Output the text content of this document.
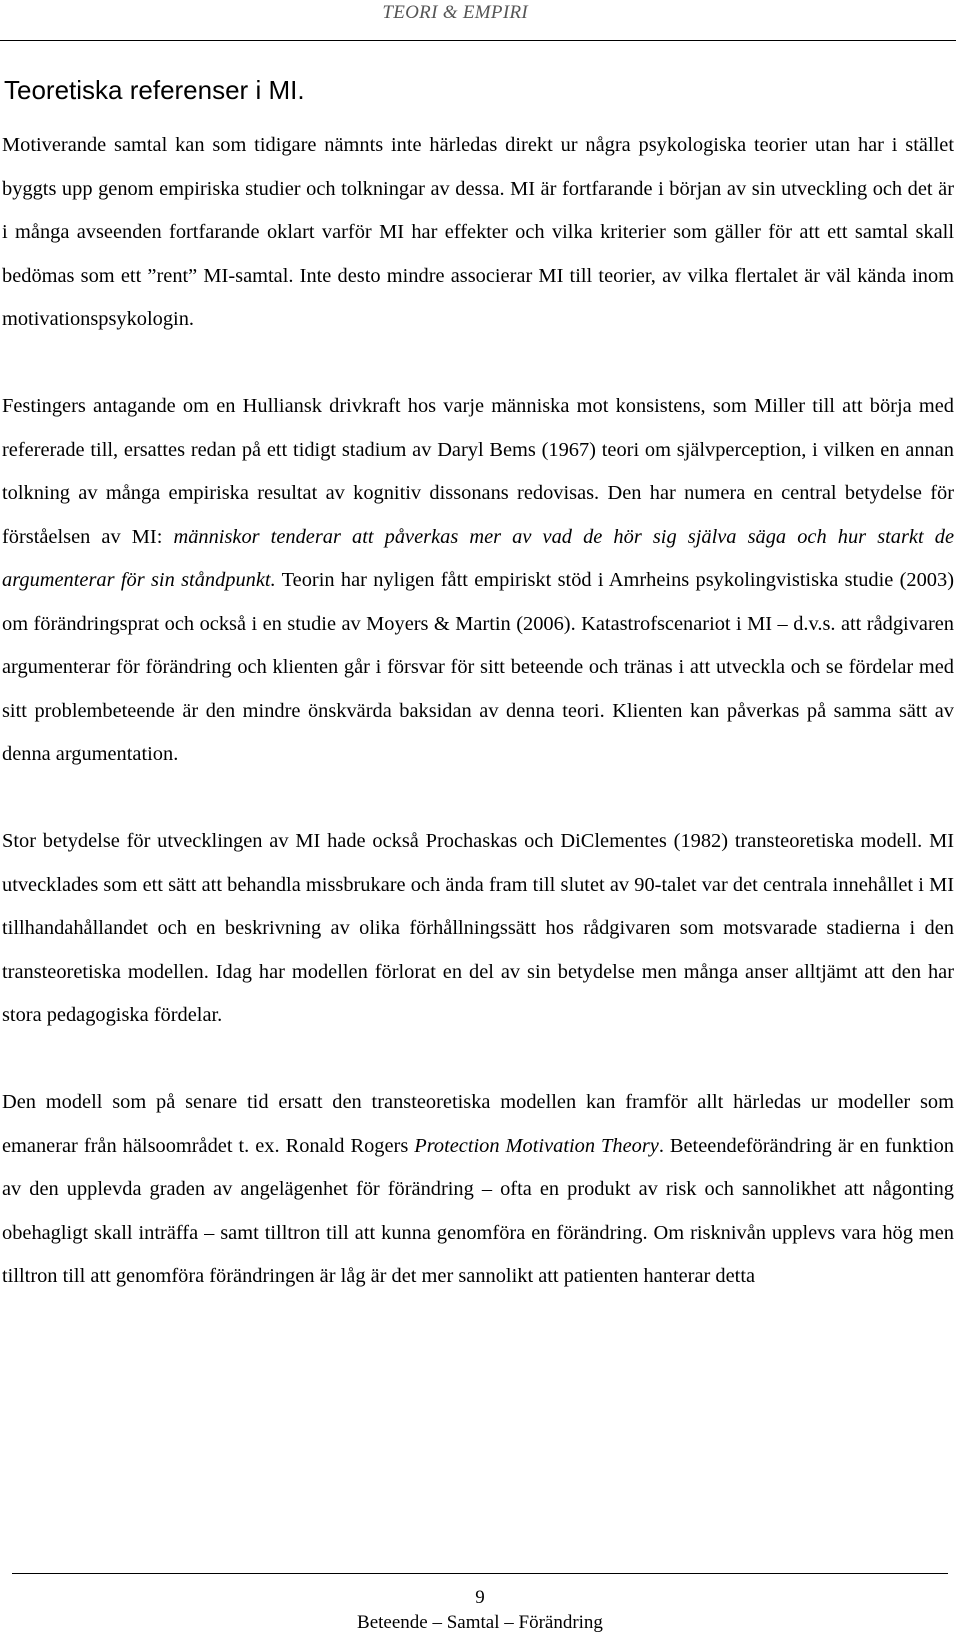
TEORI & EMPIRI
Teoretiska referenser i MI.

Motiverande samtal kan som tidigare nämnts inte härledas direkt ur några psykologiska teorier utan har i stället byggts upp genom empiriska studier och tolkningar av dessa. MI är fortfarande i början av sin utveckling och det är i många avseenden fortfarande oklart varför MI har effekter och vilka kriterier som gäller för att ett samtal skall bedömas som ett ”rent” MI-samtal. Inte desto mindre associerar MI till teorier, av vilka flertalet är väl kända inom motivationspsykologin.

Festingers antagande om en Hulliansk drivkraft hos varje människa mot konsistens, som Miller till att börja med refererade till, ersattes redan på ett tidigt stadium av Daryl Bems (1967) teori om självperception, i vilken en annan tolkning av många empiriska resultat av kognitiv dissonans redovisas. Den har numera en central betydelse för förståelsen av MI: människor tenderar att påverkas mer av vad de hör sig själva säga och hur starkt de argumenterar för sin ståndpunkt. Teorin har nyligen fått empiriskt stöd i Amrheins psykolingvistiska studie (2003) om förändringsprat och också i en studie av Moyers & Martin (2006). Katastrofscenariot i MI – d.v.s. att rådgivaren argumenterar för förändring och klienten går i försvar för sitt beteende och tränas i att utveckla och se fördelar med sitt problembeteende är den mindre önskvärda baksidan av denna teori. Klienten kan påverkas på samma sätt av denna argumentation.

Stor betydelse för utvecklingen av MI hade också Prochaskas och DiClementes (1982) transteoretiska modell. MI utvecklades som ett sätt att behandla missbrukare och ända fram till slutet av 90-talet var det centrala innehållet i MI tillhandahållandet och en beskrivning av olika förhållningssätt hos rådgivaren som motsvarade stadierna i den transteoretiska modellen. Idag har modellen förlorat en del av sin betydelse men många anser alltjämt att den har stora pedagogiska fördelar.

Den modell som på senare tid ersatt den transteoretiska modellen kan framför allt härledas ur modeller som emanerar från hälsoområdet t. ex. Ronald Rogers Protection Motivation Theory. Beteendeförändring är en funktion av den upplevda graden av angelägenhet för förändring – ofta en produkt av risk och sannolikhet att någonting obehagligt skall inträffa – samt tilltron till att kunna genomföra en förändring. Om risknivån upplevs vara hög men tilltron till att genomföra förändringen är låg är det mer sannolikt att patienten hanterar detta

9
Beteende – Samtal – Förändring
